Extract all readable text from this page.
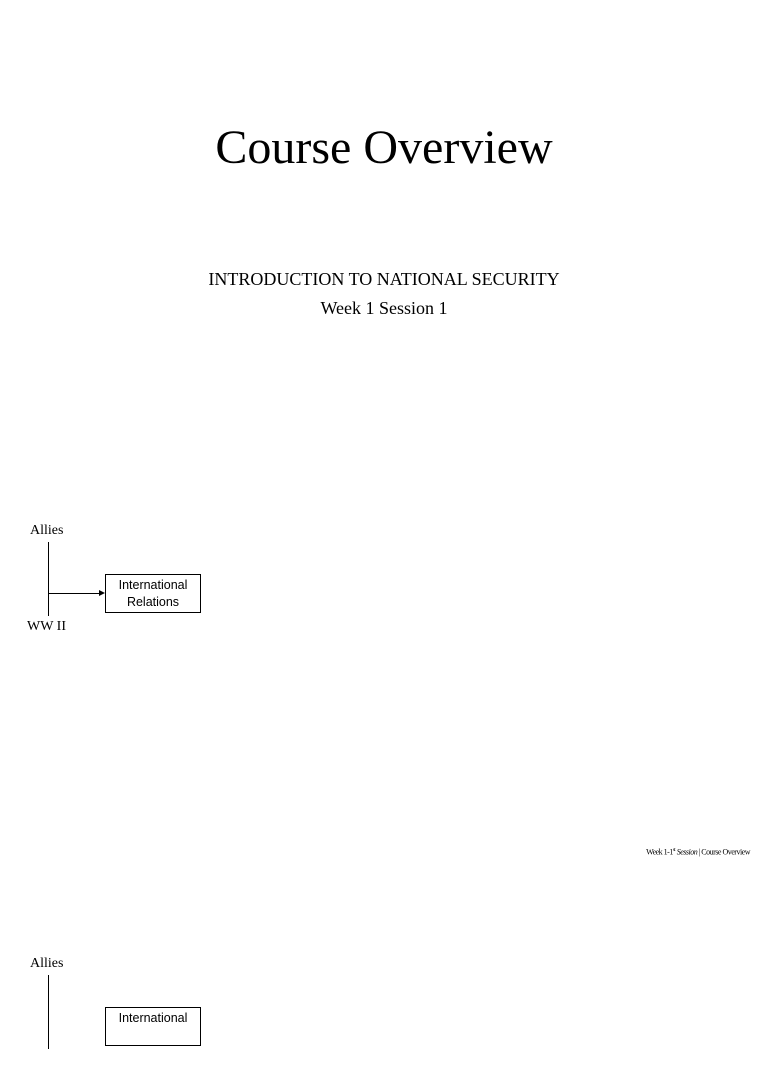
Course Overview
INTRODUCTION TO NATIONAL SECURITY
Week 1 Session 1
Allies
International
Relations
WW II
Week 1-1st Session | Course Overview
Allies
International
